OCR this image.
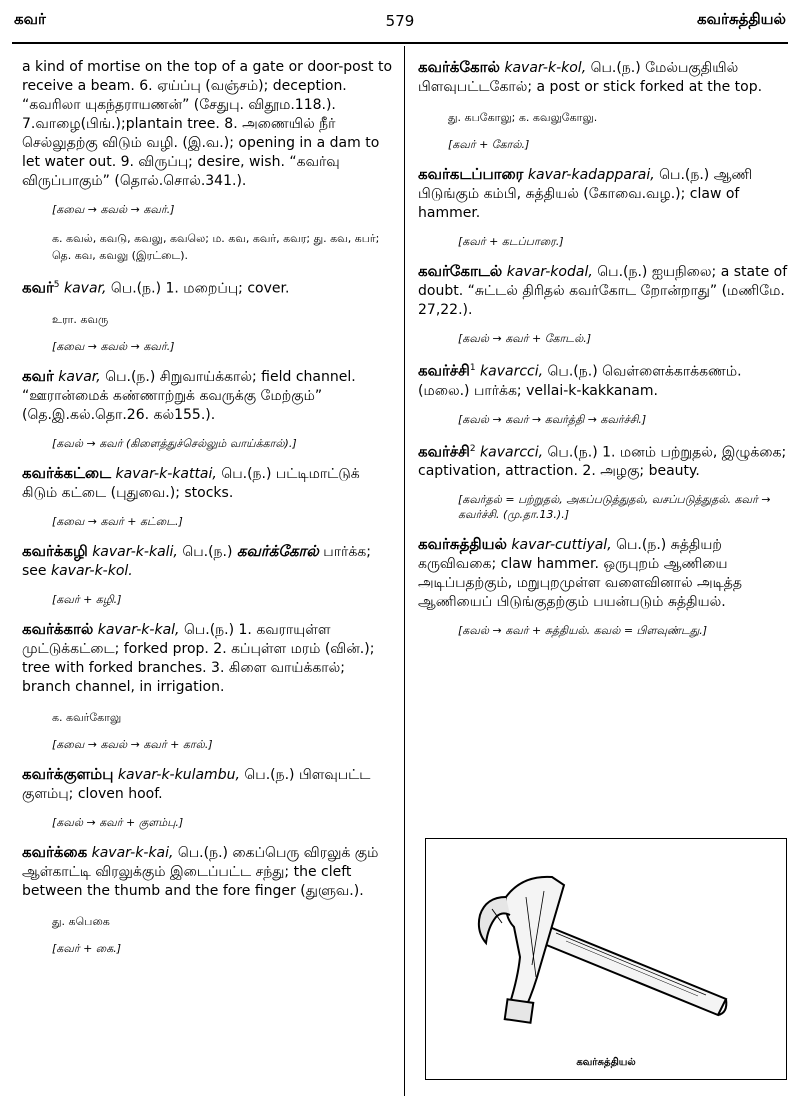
கவர்	579	கவர்சுத்தியல்

a kind of mortise on the top of a gate or door-post to receive a beam. 6. ஏய்ப்பு (வஞ்சம்); deception. “கவரிலா யுகந்தராயணன்” (சேதுபு. விதூம.118.). 7.வாழை(பிங்.);plantain tree. 8. அணையில் நீர் செல்லுதற்கு விடும் வழி. (இ.வ.); opening in a dam to let water out. 9. விருப்பு; desire, wish. “கவர்வு விருப்பாகும்” (தொல்.சொல்.341.).

[கவை → கவல் → கவர்.]
க. கவல், கவடு, கவலு, கவலெ; ம. கவ, கவர், கவர; து. கவ, கபர்; தெ. கவ, கவலு (இரட்டை).

கவர்$^5$ kavar, பெ.(ந.) 1. மறைப்பு; cover.

உரா. கவரு
[கவை → கவல் → கவர்.]

கவர் kavar, பெ.(ந.) சிறுவாய்க்கால்; field channel. “ஊரான்மைக் கண்ணாற்றுக் கவருக்கு மேற்கும்” (தெ.இ.கல்.தொ.26. கல்155.).

[கவல் → கவர் (கிளைத்துச்செல்லும் வாய்க்கால்).]

கவர்க்கட்டை kavar-k-kattai, பெ.(ந.) பட்டிமாட்டுக் கிடும் கட்டை (புதுவை.); stocks.

[கவை → கவர் + கட்டை.]

கவர்க்கழி kavar-k-kali, பெ.(ந.) கவர்க்கோல் பார்க்க; see kavar-k-kol.

[கவர் + கழி.]

கவர்க்கால் kavar-k-kal, பெ.(ந.) 1. கவராயுள்ள முட்டுக்கட்டை; forked prop. 2. கப்புள்ள மரம் (வின்.); tree with forked branches. 3. கிளை வாய்க்கால்; branch channel, in irrigation.

க. கவர்கோலு
[கவை → கவல் → கவர் + கால்.]

கவர்க்குளம்பு kavar-k-kulambu, பெ.(ந.) பிளவுபட்ட குளம்பு; cloven hoof.

[கவல் → கவர் + குளம்பு.]

கவர்க்கை kavar-k-kai, பெ.(ந.) கைப்பெரு விரலுக் கும் ஆள்காட்டி விரலுக்கும் இடைப்பட்ட சந்து; the cleft between the thumb and the fore finger (துளுவ.).

து. கபெகை
[கவர் + கை.]

கவர்க்கோல் kavar-k-kol, பெ.(ந.) மேல்பகுதியில் பிளவுபட்டகோல்; a post or stick forked at the top.

து. கபகோலு; க. கவலுகோலு.
[கவர் + கோல்.]

கவர்கடப்பாரை kavar-kadapparai, பெ.(ந.) ஆணி பிடுங்கும் கம்பி, சுத்தியல் (கோவை.வழ.); claw of hammer.

[கவர் + கடப்பாரை.]

கவர்கோடல் kavar-kodal, பெ.(ந.) ஐயநிலை; a state of doubt. “சுட்டல் திரிதல் கவர்கோட றோன்றாது” (மணிமே. 27,22.).

[கவல் → கவர் + கோடல்.]

கவர்ச்சி$^1$ kavarcci, பெ.(ந.) வெள்ளைக்காக்கணம். (மலை.) பார்க்க; vellai-k-kakkanam.

[கவல் → கவர் → கவர்த்தி → கவர்ச்சி.]

கவர்ச்சி$^2$ kavarcci, பெ.(ந.) 1. மனம் பற்றுதல், இழுக்கை; captivation, attraction. 2. அழகு; beauty.

[கவர்தல் = பற்றுதல், அகப்படுத்துதல், வசப்படுத்துதல். கவர் → கவர்ச்சி. (மு.தா.13.).]

கவர்சுத்தியல் kavar-cuttiyal, பெ.(ந.) சுத்தியற் கருவிவகை; claw hammer. ஒருபுறம் ஆணியை அடிப்பதற்கும், மறுபுறமுள்ள வளைவினால் அடித்த ஆணியைப் பிடுங்குதற்கும் பயன்படும் சுத்தியல்.

[கவல் → கவர் + சுத்தியல். கவல் = பிளவுண்டது.]
கவர்சுத்தியல்
